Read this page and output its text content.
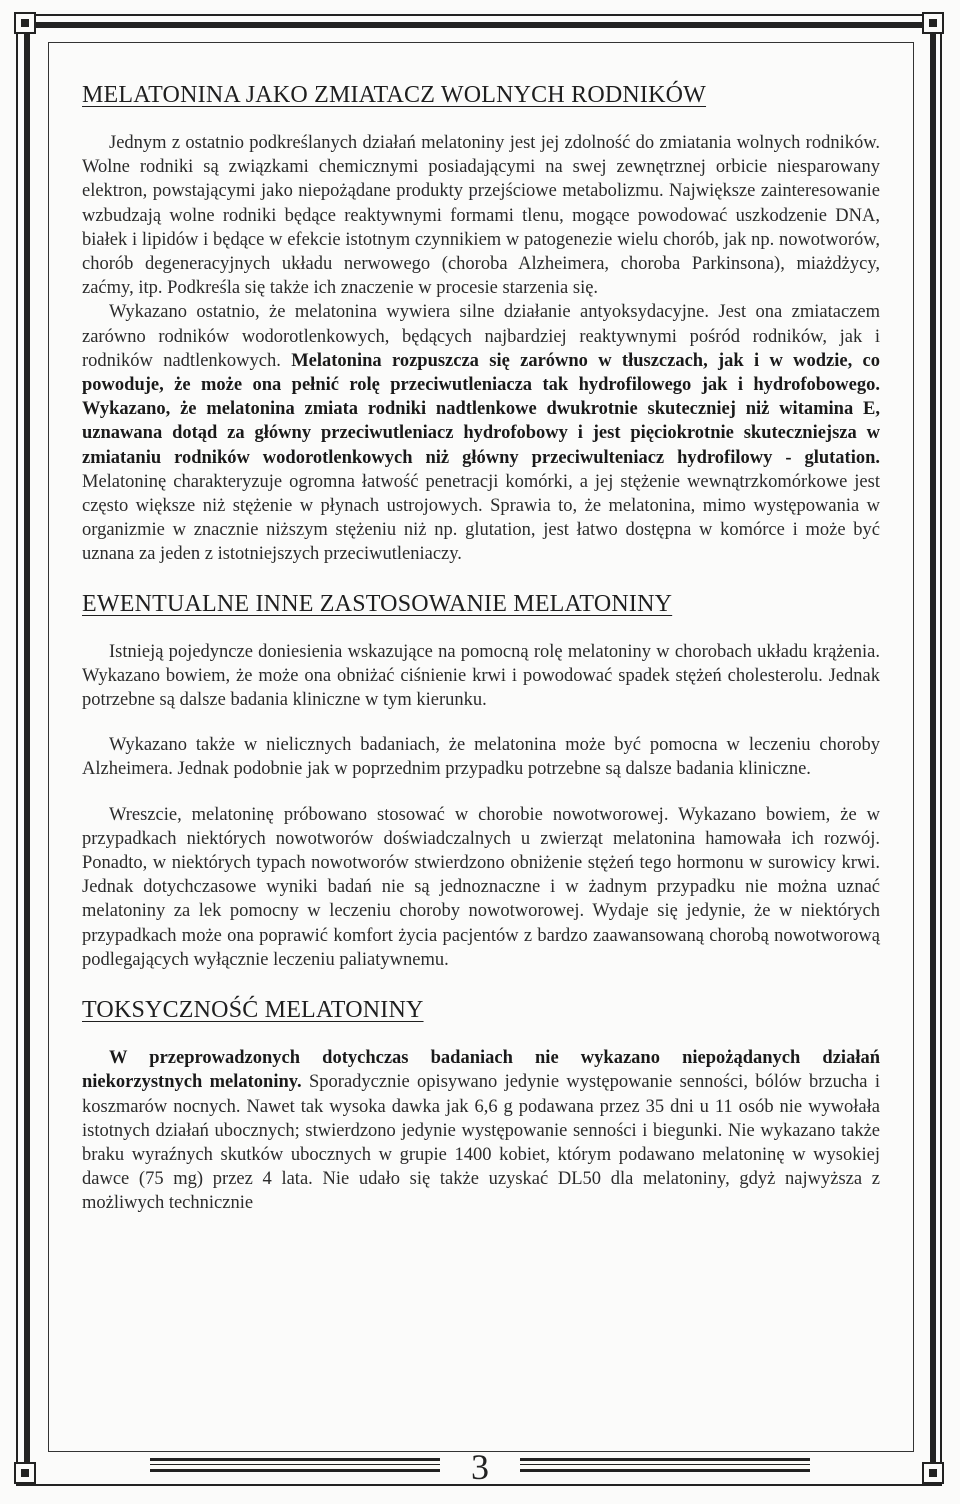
3
MELATONINA JAKO ZMIATACZ WOLNYCH RODNIKÓW

Jednym z ostatnio podkreślanych działań melatoniny jest jej zdolność do zmiatania wolnych rodników. Wolne rodniki są związkami chemicznymi posiadającymi na swej zewnętrznej orbicie niesparowany elektron, powstającymi jako niepożądane produkty przejściowe metabolizmu. Największe zainteresowanie wzbudzają wolne rodniki będące reaktywnymi formami tlenu, mogące powodować uszkodzenie DNA, białek i lipidów i będące w efekcie istotnym czynnikiem w patogenezie wielu chorób, jak np. nowotworów, chorób degeneracyjnych układu nerwowego (choroba Alzheimera, choroba Parkinsona), miażdżycy, zaćmy, itp. Podkreśla się także ich znaczenie w procesie starzenia się.

Wykazano ostatnio, że melatonina wywiera silne działanie antyoksydacyjne. Jest ona zmiataczem zarówno rodników wodorotlenkowych, będących najbardziej reaktywnymi pośród rodników, jak i rodników nadtlenkowych. Melatonina rozpuszcza się zarówno w tłuszczach, jak i w wodzie, co powoduje, że może ona pełnić rolę przeciwutleniacza tak hydrofilowego jak i hydrofobowego. Wykazano, że melatonina zmiata rodniki nadtlenkowe dwukrotnie skuteczniej niż witamina E, uznawana dotąd za główny przeciwutleniacz hydrofobowy i jest pięciokrotnie skuteczniejsza w zmiataniu rodników wodorotlenkowych niż główny przeciwulteniacz hydrofilowy - glutation. Melatoninę charakteryzuje ogromna łatwość penetracji komórki, a jej stężenie wewnątrzkomórkowe jest często większe niż stężenie w płynach ustrojowych. Sprawia to, że melatonina, mimo występowania w organizmie w znacznie niższym stężeniu niż np. glutation, jest łatwo dostępna w komórce i może być uznana za jeden z istotniejszych przeciwutleniaczy.

EWENTUALNE INNE ZASTOSOWANIE MELATONINY

Istnieją pojedyncze doniesienia wskazujące na pomocną rolę melatoniny w chorobach układu krążenia. Wykazano bowiem, że może ona obniżać ciśnienie krwi i powodować spadek stężeń cholesterolu. Jednak potrzebne są dalsze badania kliniczne w tym kierunku.

Wykazano także w nielicznych badaniach, że melatonina może być pomocna w leczeniu choroby Alzheimera. Jednak podobnie jak w poprzednim przypadku potrzebne są dalsze badania kliniczne.

Wreszcie, melatoninę próbowano stosować w chorobie nowotworowej. Wykazano bowiem, że w przypadkach niektórych nowotworów doświadczalnych u zwierząt melatonina hamowała ich rozwój. Ponadto, w niektórych typach nowotworów stwierdzono obniżenie stężeń tego hormonu w surowicy krwi. Jednak dotychczasowe wyniki badań nie są jednoznaczne i w żadnym przypadku nie można uznać melatoniny za lek pomocny w leczeniu choroby nowotworowej. Wydaje się jedynie, że w niektórych przypadkach może ona poprawić komfort życia pacjentów z bardzo zaawansowaną chorobą nowotworową podlegających wyłącznie leczeniu paliatywnemu.

TOKSYCZNOŚĆ MELATONINY

W przeprowadzonych dotychczas badaniach nie wykazano niepożądanych działań niekorzystnych melatoniny. Sporadycznie opisywano jedynie występowanie senności, bólów brzucha i koszmarów nocnych. Nawet tak wysoka dawka jak 6,6 g podawana przez 35 dni u 11 osób nie wywołała istotnych działań ubocznych; stwierdzono jedynie występowanie senności i biegunki. Nie wykazano także braku wyraźnych skutków ubocznych w grupie 1400 kobiet, którym podawano melatoninę w wysokiej dawce (75 mg) przez 4 lata. Nie udało się także uzyskać DL50 dla melatoniny, gdyż najwyższa z możliwych technicznie
